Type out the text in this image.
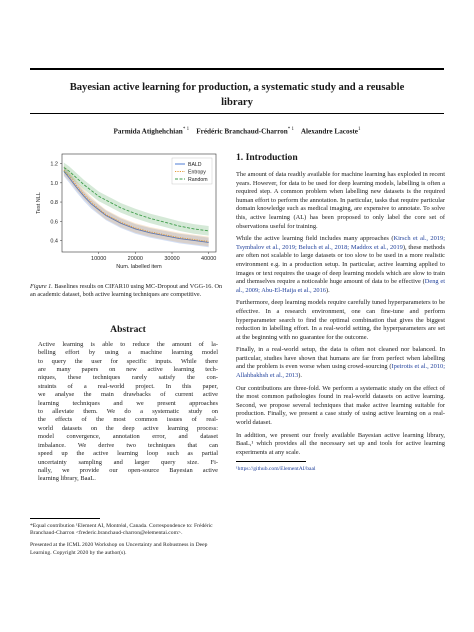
Bayesian active learning for production, a systematic study and a reusable
library
Parmida Atighehchian$^{* 1}$ Frédéric Branchaud-Charron$^{* 1}$ Alexandre Lacoste$^1$
0.4
0.6
0.8
1.0
1.2
10000	20000	30000	40000
Num. labelled item
Test NLL
BALD
Entropy
Random

Figure 1. Baselines results on CIFAR10 using MC-Dropout and VGG-16. On an academic dataset, both active learning techniques are competitive.

Abstract
Active learning is able to reduce the amount of la-
belling effort by using a machine learning model
to query the user for specific inputs. While there
are many papers on new active learning tech-
niques, these techniques rarely satisfy the con-
straints of a real-world project. In this paper,
we analyse the main drawbacks of current active
learning techniques and we present approaches
to alleviate them. We do a systematic study on
the effects of the most common issues of real-
world datasets on the deep active learning process:
model convergence, annotation error, and dataset
imbalance. We derive two techniques that can
speed up the active learning loop such as partial
uncertainty sampling and larger query size. Fi-
nally, we provide our open-source Bayesian active
learning library, BaaL.

*Equal contribution ¹Element AI, Montréal, Canada. Correspondence to: Frédéric Branchaud-Charron <frederic.branchaud-charron@elementai.com>.

Presented at the ICML 2020 Workshop on Uncertainty and Robustness in Deep Learning. Copyright 2020 by the author(s).

1. Introduction

The amount of data readily available for machine learning has exploded in recent years. However, for data to be used for deep learning models, labelling is often a required step. A common problem when labelling new datasets is the required human effort to perform the annotation. In particular, tasks that require particular domain knowledge such as medical imaging, are expensive to annotate. To solve this, active learning (AL) has been proposed to only label the core set of observations useful for training.

While the active learning field includes many approaches (Kirsch et al., 2019; Tsymbalov et al., 2019; Beluch et al., 2018; Maddox et al., 2019), these methods are often not scalable to large datasets or too slow to be used in a more realistic environment e.g. in a production setup. In particular, active learning applied to images or text requires the usage of deep learning models which are slow to train and themselves require a noticeable huge amount of data to be effective (Deng et al., 2009; Abu-El-Haija et al., 2016).

Furthermore, deep learning models require carefully tuned hyperparameters to be effective. In a research environment, one can fine-tune and perform hyperparameter search to find the optimal combination that gives the biggest reduction in labelling effort. In a real-world setting, the hyperparameters are set at the beginning with no guarantee for the outcome.

Finally, in a real-world setup, the data is often not cleaned nor balanced. In particular, studies have shown that humans are far from perfect when labelling and the problem is even worse when using crowd-sourcing (Ipeirotis et al., 2010; Allahbakhsh et al., 2013).

Our contributions are three-fold. We perform a systematic study on the effect of the most common pathologies found in real-world datasets on active learning. Second, we propose several techniques that make active learning suitable for production. Finally, we present a case study of using active learning on a real-world dataset.

In addition, we present our freely available Bayesian active learning library, BaaL,¹ which provides all the necessary set up and tools for active learning experiments at any scale.

¹https://github.com/ElementAI/baal
